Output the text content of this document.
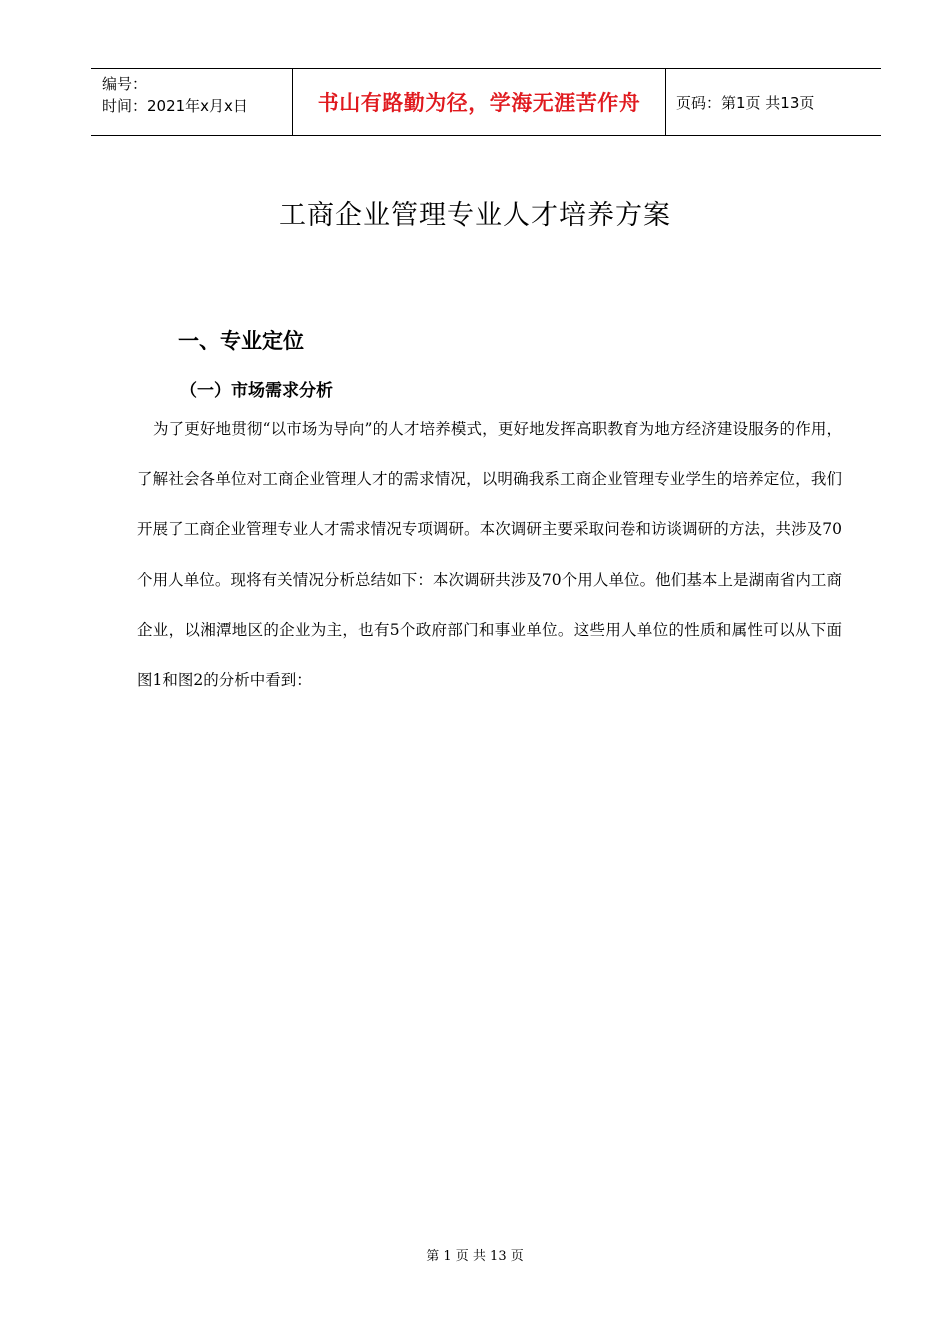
编号：
时间：2021年x月x日	书山有路勤为径，学海无涯苦作舟 页码：第1页 共13页
工商企业管理专业人才培养方案
一、专业定位
（一）市场需求分析
为了更好地贯彻“以市场为导向”的人才培养模式，更好地发挥高职教育为地方经济建设服务的作用，了解社会各单位对工商企业管理人才的需求情况，以明确我系工商企业管理专业学生的培养定位，我们开展了工商企业管理专业人才需求情况专项调研。本次调研主要采取问卷和访谈调研的方法，共涉及70个用人单位。现将有关情况分析总结如下：本次调研共涉及70个用人单位。他们基本上是湖南省内工商企业，以湘潭地区的企业为主，也有5个政府部门和事业单位。这些用人单位的性质和属性可以从下面图1和图2的分析中看到：
第 1 页 共 13 页
